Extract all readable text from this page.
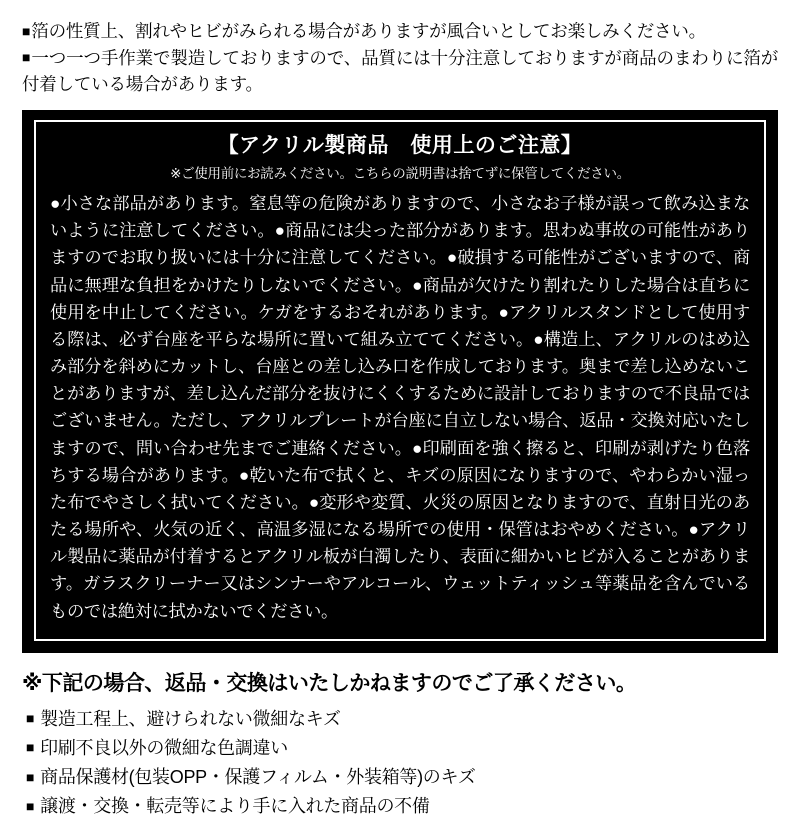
■箔の性質上、割れやヒビがみられる場合がありますが風合いとしてお楽しみください。

■一つ一つ手作業で製造しておりますので、品質には十分注意しておりますが商品のまわりに箔が付着している場合があります。

【アクリル製商品　使用上のご注意】
※ご使用前にお読みください。こちらの説明書は捨てずに保管してください。
●小さな部品があります。窒息等の危険がありますので、小さなお子様が誤って飲み込まないように注意してください。●商品には尖った部分があります。思わぬ事故の可能性がありますのでお取り扱いには十分に注意してください。●破損する可能性がございますので、商品に無理な負担をかけたりしないでください。●商品が欠けたり割れたりした場合は直ちに使用を中止してください。ケガをするおそれがあります。●アクリルスタンドとして使用する際は、必ず台座を平らな場所に置いて組み立ててください。●構造上、アクリルのはめ込み部分を斜めにカットし、台座との差し込み口を作成しております。奥まで差し込めないことがありますが、差し込んだ部分を抜けにくくするために設計しておりますので不良品ではございません。ただし、アクリルプレートが台座に自立しない場合、返品・交換対応いたしますので、問い合わせ先までご連絡ください。●印刷面を強く擦ると、印刷が剥げたり色落ちする場合があります。●乾いた布で拭くと、キズの原因になりますので、やわらかい湿った布でやさしく拭いてください。●変形や変質、火災の原因となりますので、直射日光のあたる場所や、火気の近く、高温多湿になる場所での使用・保管はおやめください。●アクリル製品に薬品が付着するとアクリル板が白濁したり、表面に細かいヒビが入ることがあります。ガラスクリーナー又はシンナーやアルコール、ウェットティッシュ等薬品を含んでいるものでは絶対に拭かないでください。
※下記の場合、返品・交換はいたしかねますのでご了承ください。
■ 製造工程上、避けられない微細なキズ
■ 印刷不良以外の微細な色調違い
■ 商品保護材(包装OPP・保護フィルム・外装箱等)のキズ
■ 譲渡・交換・転売等により手に入れた商品の不備
